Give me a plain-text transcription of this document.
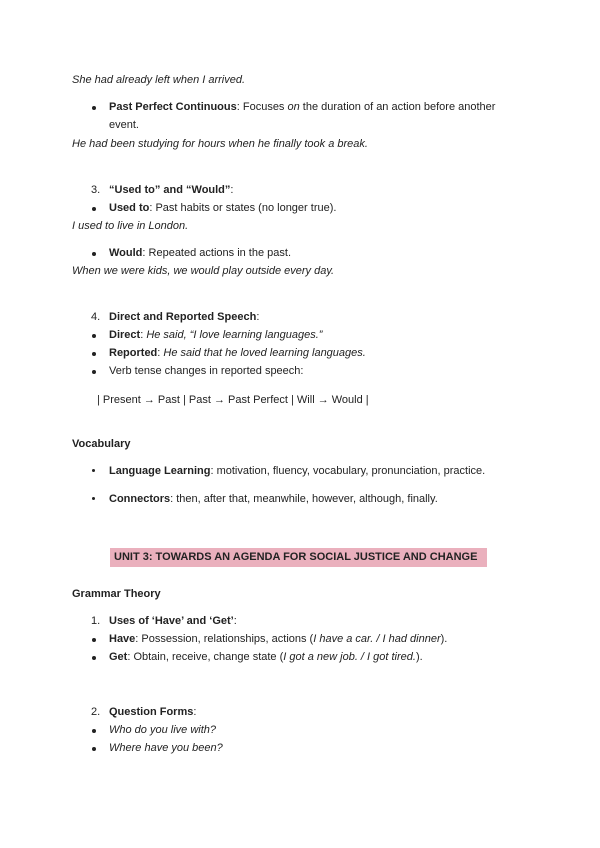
She had already left when I arrived.
Past Perfect Continuous: Focuses on the duration of an action before another
event.
He had been studying for hours when he finally took a break.
3. “Used to” and “Would”:
Used to: Past habits or states (no longer true).
I used to live in London.
Would: Repeated actions in the past.
When we were kids, we would play outside every day.
4. Direct and Reported Speech:
Direct: He said, “I love learning languages.”
Reported: He said that he loved learning languages.
Verb tense changes in reported speech:
| Present → Past | Past → Past Perfect | Will → Would |
Vocabulary
Language Learning: motivation, fluency, vocabulary, pronunciation, practice.
Connectors: then, after that, meanwhile, however, although, finally.
UNIT 3: TOWARDS AN AGENDA FOR SOCIAL JUSTICE AND CHANGE
Grammar Theory
1. Uses of ‘Have’ and ‘Get’:
Have: Possession, relationships, actions (I have a car. / I had dinner).
Get: Obtain, receive, change state (I got a new job. / I got tired.).
2. Question Forms:
Who do you live with?
Where have you been?
